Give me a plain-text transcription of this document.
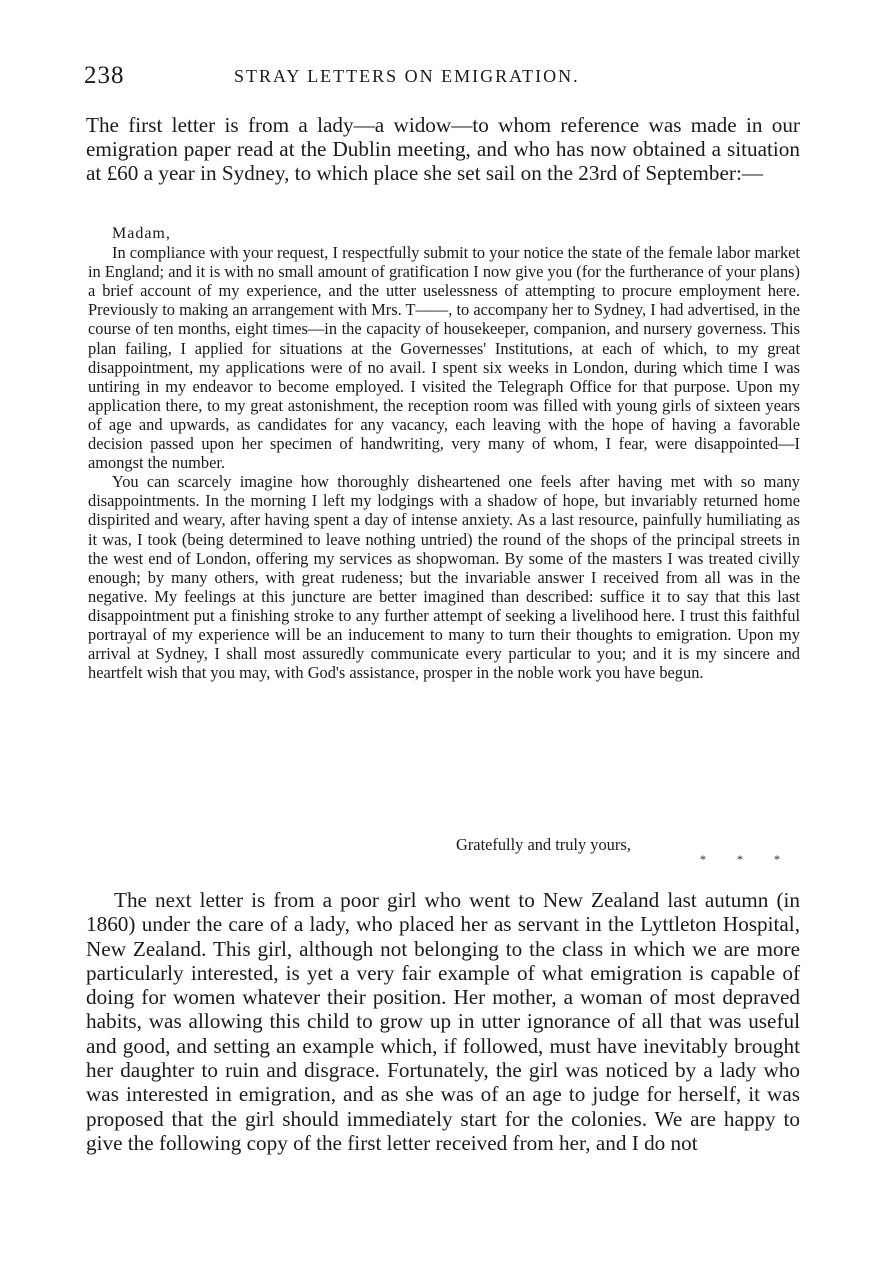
238	STRAY LETTERS ON EMIGRATION.

The first letter is from a lady—a widow—to whom reference was made in our emigration paper read at the Dublin meeting, and who has now obtained a situation at £60 a year in Sydney, to which place she set sail on the 23rd of September:—

Madam,

In compliance with your request, I respectfully submit to your notice the state of the female labor market in England; and it is with no small amount of gratification I now give you (for the furtherance of your plans) a brief account of my experience, and the utter uselessness of attempting to procure employment here. Previously to making an arrangement with Mrs. T——, to accompany her to Sydney, I had advertised, in the course of ten months, eight times—in the capacity of housekeeper, companion, and nursery governess. This plan failing, I applied for situations at the Governesses' Institutions, at each of which, to my great disappointment, my applications were of no avail. I spent six weeks in London, during which time I was untiring in my endeavor to become employed. I visited the Telegraph Office for that purpose. Upon my application there, to my great astonishment, the reception room was filled with young girls of sixteen years of age and upwards, as candidates for any vacancy, each leaving with the hope of having a favorable decision passed upon her specimen of handwriting, very many of whom, I fear, were disappointed—I amongst the number.

You can scarcely imagine how thoroughly disheartened one feels after having met with so many disappointments. In the morning I left my lodgings with a shadow of hope, but invariably returned home dispirited and weary, after having spent a day of intense anxiety. As a last resource, painfully humiliating as it was, I took (being determined to leave nothing untried) the round of the shops of the principal streets in the west end of London, offering my services as shopwoman. By some of the masters I was treated civilly enough; by many others, with great rudeness; but the invariable answer I received from all was in the negative. My feelings at this juncture are better imagined than described: suffice it to say that this last disappointment put a finishing stroke to any further attempt of seeking a livelihood here. I trust this faithful portrayal of my experience will be an inducement to many to turn their thoughts to emigration. Upon my arrival at Sydney, I shall most assuredly communicate every particular to you; and it is my sincere and heartfelt wish that you may, with God's assistance, prosper in the noble work you have begun.

Gratefully and truly yours,
* * *

The next letter is from a poor girl who went to New Zealand last autumn (in 1860) under the care of a lady, who placed her as servant in the Lyttleton Hospital, New Zealand. This girl, although not belonging to the class in which we are more particularly interested, is yet a very fair example of what emigration is capable of doing for women whatever their position. Her mother, a woman of most depraved habits, was allowing this child to grow up in utter ignorance of all that was useful and good, and setting an example which, if followed, must have inevitably brought her daughter to ruin and disgrace. Fortunately, the girl was noticed by a lady who was interested in emigration, and as she was of an age to judge for herself, it was proposed that the girl should immediately start for the colonies. We are happy to give the following copy of the first letter received from her, and I do not
